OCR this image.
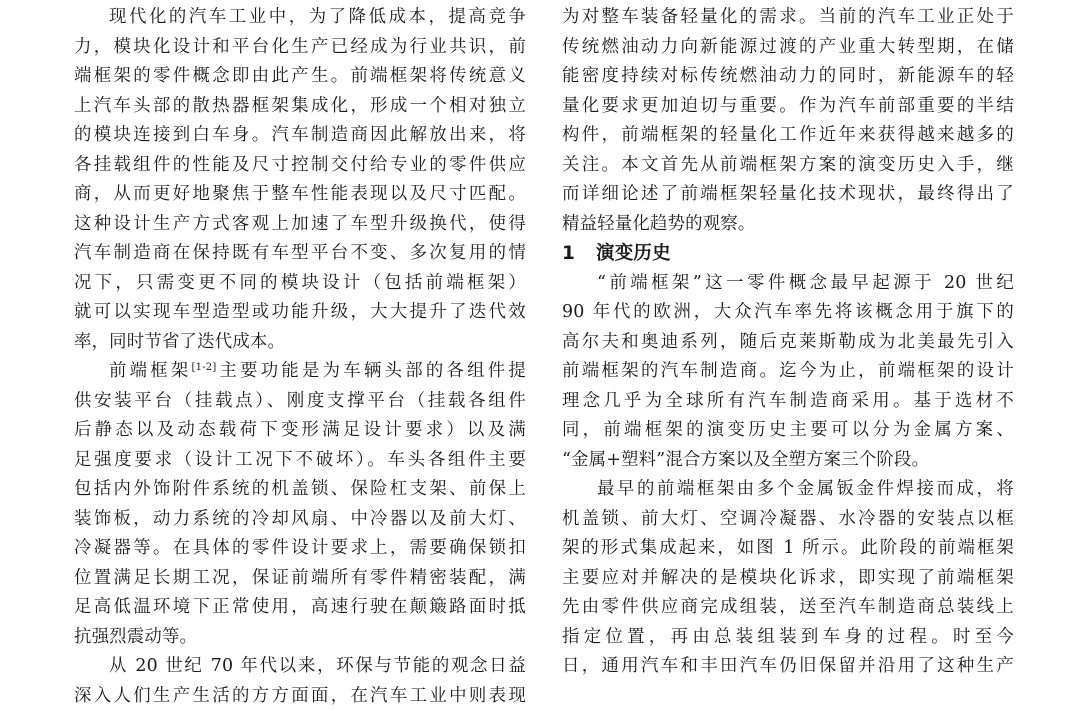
现代化的汽车工业中，为了降低成本，提高竞争
力，模块化设计和平台化生产已经成为行业共识，前
端框架的零件概念即由此产生。前端框架将传统意义
上汽车头部的散热器框架集成化，形成一个相对独立
的模块连接到白车身。汽车制造商因此解放出来，将
各挂载组件的性能及尺寸控制交付给专业的零件供应
商，从而更好地聚焦于整车性能表现以及尺寸匹配。
这种设计生产方式客观上加速了车型升级换代，使得
汽车制造商在保持既有车型平台不变、多次复用的情
况下，只需变更不同的模块设计（包括前端框架）
就可以实现车型造型或功能升级，大大提升了迭代效
率，同时节省了迭代成本。
前端框架[1-2]主要功能是为车辆头部的各组件提
供安装平台（挂载点）、刚度支撑平台（挂载各组件
后静态以及动态载荷下变形满足设计要求）以及满
足强度要求（设计工况下不破坏）。车头各组件主要
包括内外饰附件系统的机盖锁、保险杠支架、前保上
装饰板，动力系统的冷却风扇、中冷器以及前大灯、
冷凝器等。在具体的零件设计要求上，需要确保锁扣
位置满足长期工况，保证前端所有零件精密装配，满
足高低温环境下正常使用，高速行驶在颠簸路面时抵
抗强烈震动等。
从 20 世纪 70 年代以来，环保与节能的观念日益
深入人们生产生活的方方面面，在汽车工业中则表现
为对整车装备轻量化的需求。当前的汽车工业正处于
传统燃油动力向新能源过渡的产业重大转型期，在储
能密度持续对标传统燃油动力的同时，新能源车的轻
量化要求更加迫切与重要。作为汽车前部重要的半结
构件，前端框架的轻量化工作近年来获得越来越多的
关注。本文首先从前端框架方案的演变历史入手，继
而详细论述了前端框架轻量化技术现状，最终得出了
精益轻量化趋势的观察。
1 演变历史
“前端框架”这一零件概念最早起源于 20 世纪
90 年代的欧洲，大众汽车率先将该概念用于旗下的
高尔夫和奥迪系列，随后克莱斯勒成为北美最先引入
前端框架的汽车制造商。迄今为止，前端框架的设计
理念几乎为全球所有汽车制造商采用。基于选材不
同，前端框架的演变历史主要可以分为金属方案、
“金属+塑料”混合方案以及全塑方案三个阶段。
最早的前端框架由多个金属钣金件焊接而成，将
机盖锁、前大灯、空调冷凝器、水冷器的安装点以框
架的形式集成起来，如图 1 所示。此阶段的前端框架
主要应对并解决的是模块化诉求，即实现了前端框架
先由零件供应商完成组装，送至汽车制造商总装线上
指定位置，再由总装组装到车身的过程。时至今
日，通用汽车和丰田汽车仍旧保留并沿用了这种生产
